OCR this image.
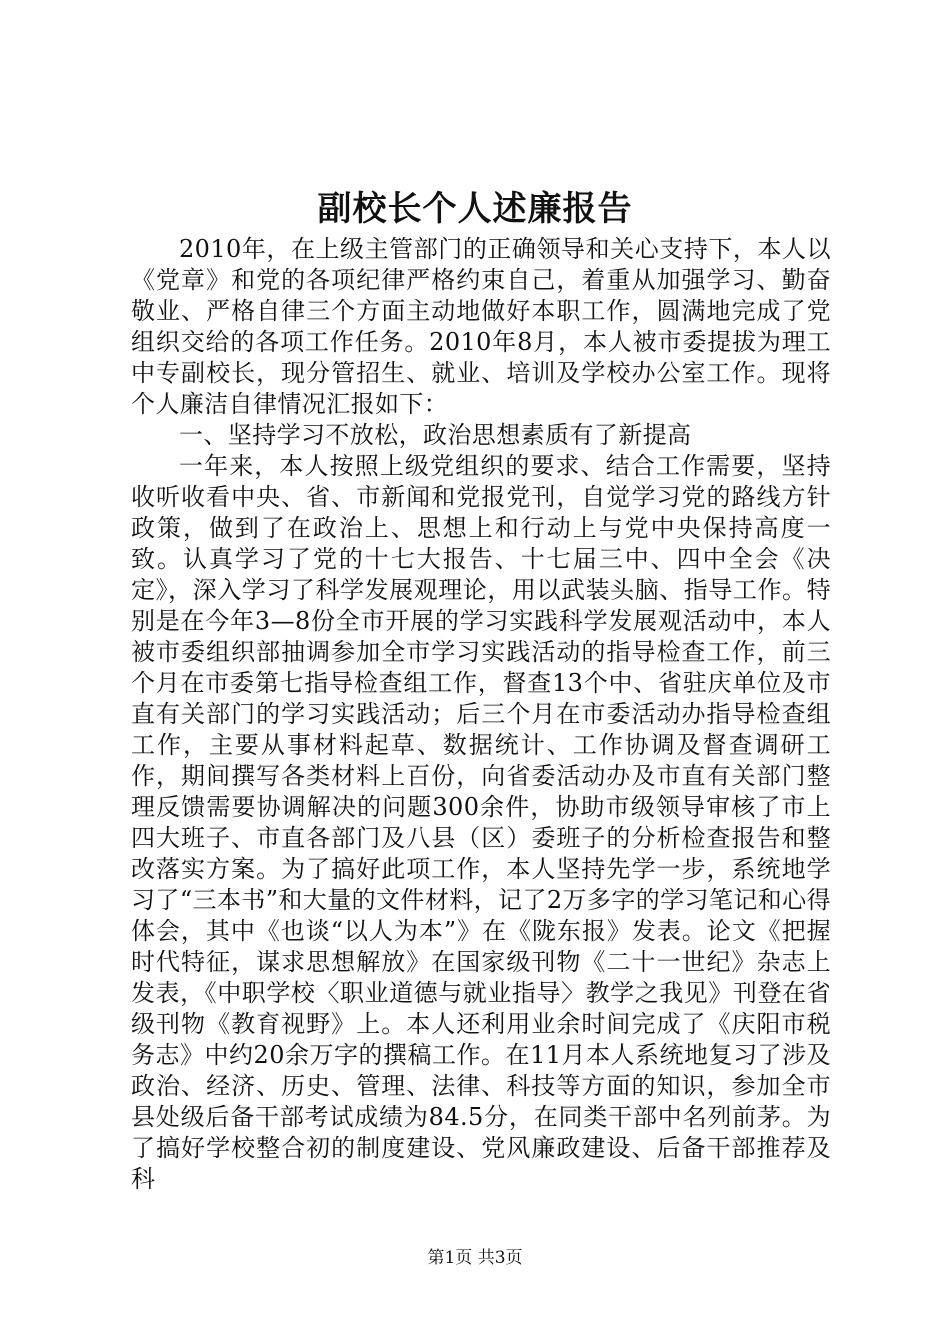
副校长个人述廉报告

2010年，在上级主管部门的正确领导和关心支持下，本人以《党章》和党的各项纪律严格约束自己，着重从加强学习、勤奋敬业、严格自律三个方面主动地做好本职工作，圆满地完成了党组织交给的各项工作任务。2010年8月，本人被市委提拔为理工中专副校长，现分管招生、就业、培训及学校办公室工作。现将个人廉洁自律情况汇报如下：

一、坚持学习不放松，政治思想素质有了新提高

一年来，本人按照上级党组织的要求、结合工作需要，坚持收听收看中央、省、市新闻和党报党刊，自觉学习党的路线方针政策，做到了在政治上、思想上和行动上与党中央保持高度一致。认真学习了党的十七大报告、十七届三中、四中全会《决定》，深入学习了科学发展观理论，用以武装头脑、指导工作。特别是在今年3—8份全市开展的学习实践科学发展观活动中，本人被市委组织部抽调参加全市学习实践活动的指导检查工作，前三个月在市委第七指导检查组工作，督查13个中、省驻庆单位及市直有关部门的学习实践活动；后三个月在市委活动办指导检查组工作，主要从事材料起草、数据统计、工作协调及督查调研工作，期间撰写各类材料上百份，向省委活动办及市直有关部门整理反馈需要协调解决的问题300余件，协助市级领导审核了市上四大班子、市直各部门及八县（区）委班子的分析检查报告和整改落实方案。为了搞好此项工作，本人坚持先学一步，系统地学习了“三本书”和大量的文件材料，记了2万多字的学习笔记和心得体会，其中《也谈“以人为本”》在《陇东报》发表。论文《把握时代特征，谋求思想解放》在国家级刊物《二十一世纪》杂志上发表，《中职学校〈职业道德与就业指导〉教学之我见》刊登在省级刊物《教育视野》上。本人还利用业余时间完成了《庆阳市税务志》中约20余万字的撰稿工作。在11月本人系统地复习了涉及政治、经济、历史、管理、法律、科技等方面的知识，参加全市县处级后备干部考试成绩为84.5分，在同类干部中名列前茅。为了搞好学校整合初的制度建设、党风廉政建设、后备干部推荐及科

第1页 共3页
